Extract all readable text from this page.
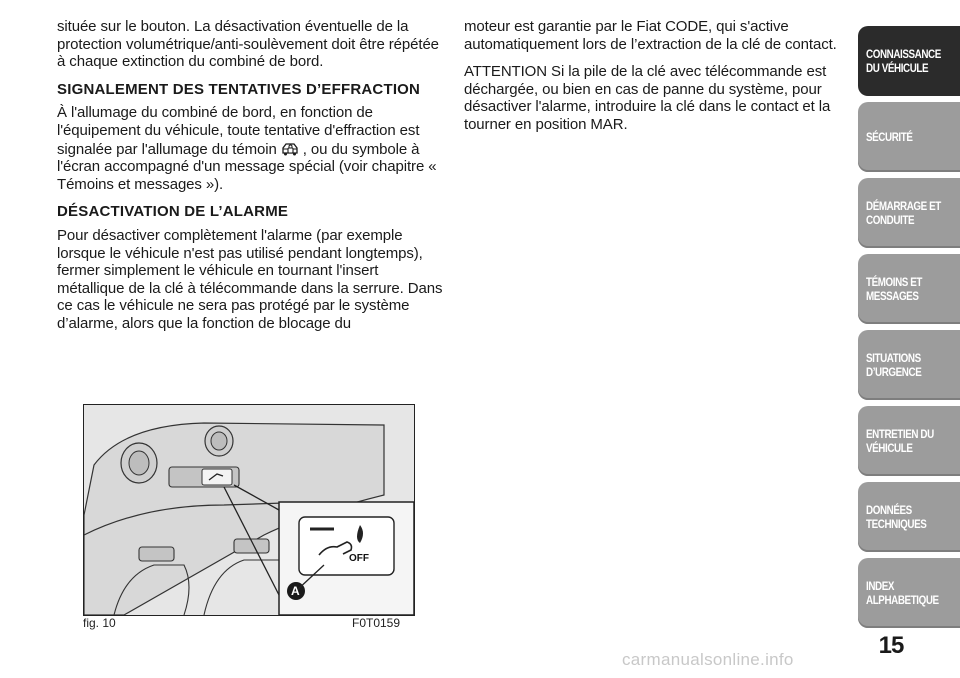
située sur le bouton. La désactivation éventuelle de la protection volumétrique/anti-soulèvement doit être répétée à chaque extinction du combiné de bord.

SIGNALEMENT DES TENTATIVES D’EFFRACTION

À l'allumage du combiné de bord, en fonction de l'équipement du véhicule, toute tentative d'effraction est signalée par l'allumage du témoin , ou du symbole à l'écran accompagné d'un message spécial (voir chapitre « Témoins et messages »).

DÉSACTIVATION DE L’ALARME

Pour désactiver complètement l'alarme (par exemple lorsque le véhicule n'est pas utilisé pendant longtemps), fermer simplement le véhicule en tournant l'insert métallique de la clé à télécommande dans la serrure. Dans ce cas le véhicule ne sera pas protégé par le système d’alarme, alors que la fonction de blocage du

moteur est garantie par le Fiat CODE, qui s'active automatiquement lors de l’extraction de la clé de contact.

ATTENTION Si la pile de la clé avec télécommande est déchargée, ou bien en cas de panne du système, pour désactiver l'alarme, introduire la clé dans le contact et la tourner en position MAR.

OFF
A
fig. 10	F0T0159
CONNAISSANCE
DU VÉHICULE
SÉCURITÉ
DÉMARRAGE ET
CONDUITE
TÉMOINS ET
MESSAGES
SITUATIONS
D’URGENCE
ENTRETIEN DU
VÉHICULE
DONNÉES
TECHNIQUES
INDEX
ALPHABETIQUE
15
carmanualsonline.info
